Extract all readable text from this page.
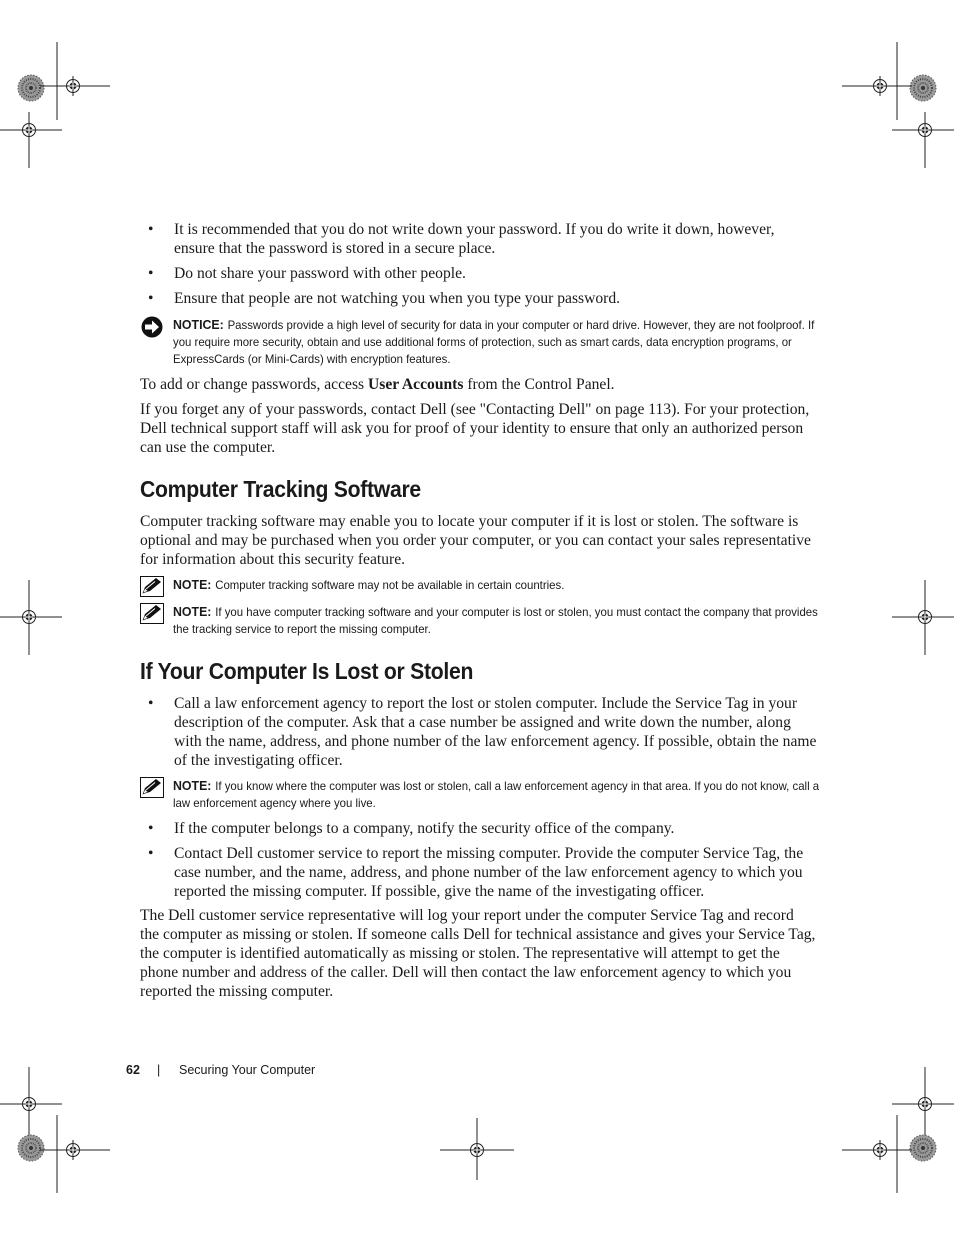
• It is recommended that you do not write down your password. If you do write it down, however, ensure that the password is stored in a secure place.
• Do not share your password with other people.
• Ensure that people are not watching you when you type your password.
NOTICE: Passwords provide a high level of security for data in your computer or hard drive. However, they are not foolproof. If you require more security, obtain and use additional forms of protection, such as smart cards, data encryption programs, or ExpressCards (or Mini-Cards) with encryption features.
To add or change passwords, access User Accounts from the Control Panel.
If you forget any of your passwords, contact Dell (see "Contacting Dell" on page 113). For your protection, Dell technical support staff will ask you for proof of your identity to ensure that only an authorized person can use the computer.
Computer Tracking Software
Computer tracking software may enable you to locate your computer if it is lost or stolen. The software is optional and may be purchased when you order your computer, or you can contact your sales representative for information about this security feature.
NOTE: Computer tracking software may not be available in certain countries.
NOTE: If you have computer tracking software and your computer is lost or stolen, you must contact the company that provides the tracking service to report the missing computer.
If Your Computer Is Lost or Stolen
• Call a law enforcement agency to report the lost or stolen computer. Include the Service Tag in your description of the computer. Ask that a case number be assigned and write down the number, along with the name, address, and phone number of the law enforcement agency. If possible, obtain the name of the investigating officer.
NOTE: If you know where the computer was lost or stolen, call a law enforcement agency in that area. If you do not know, call a law enforcement agency where you live.
• If the computer belongs to a company, notify the security office of the company.
• Contact Dell customer service to report the missing computer. Provide the computer Service Tag, the case number, and the name, address, and phone number of the law enforcement agency to which you reported the missing computer. If possible, give the name of the investigating officer.
The Dell customer service representative will log your report under the computer Service Tag and record the computer as missing or stolen. If someone calls Dell for technical assistance and gives your Service Tag, the computer is identified automatically as missing or stolen. The representative will attempt to get the phone number and address of the caller. Dell will then contact the law enforcement agency to which you reported the missing computer.
62 | Securing Your Computer
